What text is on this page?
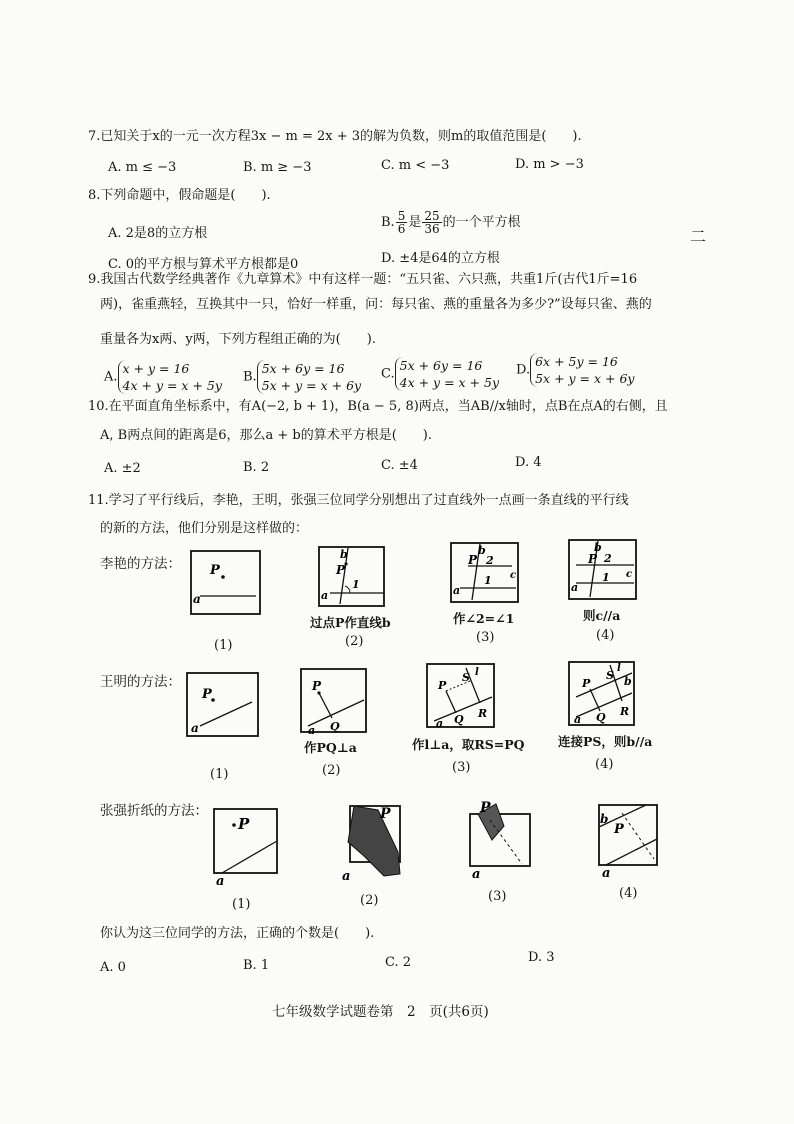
7.已知关于x的一元一次方程3x − m = 2x + 3的解为负数，则m的取值范围是(　　).
A. m ≤ −3	B. m ≥ −3	C. m < −3	D. m > −3
8.下列命题中，假命题是(　　).
A. 2是8的立方根
B. $\frac{5}{6}$ 是 $\frac{25}{36}$ 的一个平方根
C. 0的平方根与算术平方根都是0	D. ±4是64的立方根
9.我国古代数学经典著作《九章算术》中有这样一题：“五只雀、六只燕，共重1斤(古代1斤=16
两)，雀重燕轻，互换其中一只，恰好一样重，问：每只雀、燕的重量各为多少?”设每只雀、燕的
重量各为x两、y两，下列方程组正确的为(　　).
A.x + y = 16
4x + y = x + 5y
B.5x + 6y = 16
5x + y = x + 6y
C.5x + 6y = 16
4x + y = x + 5y
D.6x + 5y = 16
5x + y = x + 6y
10.在平面直角坐标系中，有A(−2, b + 1)，B(a − 5, 8)两点，当AB//x轴时，点B在点A的右侧，且
A, B两点间的距离是6，那么a + b的算术平方根是(　　).
A. ±2	B. 2	C. ±4	D. 4
11.学习了平行线后，李艳，王明，张强三位同学分别想出了过直线外一点画一条直线的平行线
的新的方法，他们分别是这样做的：
李艳的方法： P
a
b
P
1
a
过点P作直线b
b
P 2
1 c
a
作∠2=∠1
b
P 2
1 c
a
则c//a
(1)	(2)	(3)	(4)
王明的方法：
P
a
P
Q
a
作PQ⊥a
P
S l
R
Q
a
作l⊥a，取RS=PQ
P
S
l
b
R
Q
a
连接PS，则b//a
(1)	(2)	(3)	(4)
张强折纸的方法：
P
a
P
a
P
a
b
P
a
(1)	(2)	(3)	(4)
你认为这三位同学的方法，正确的个数是(　　).
A. 0	B. 1	C. 2	D. 3
七年级数学试题卷第　2　页(共6页)
二
